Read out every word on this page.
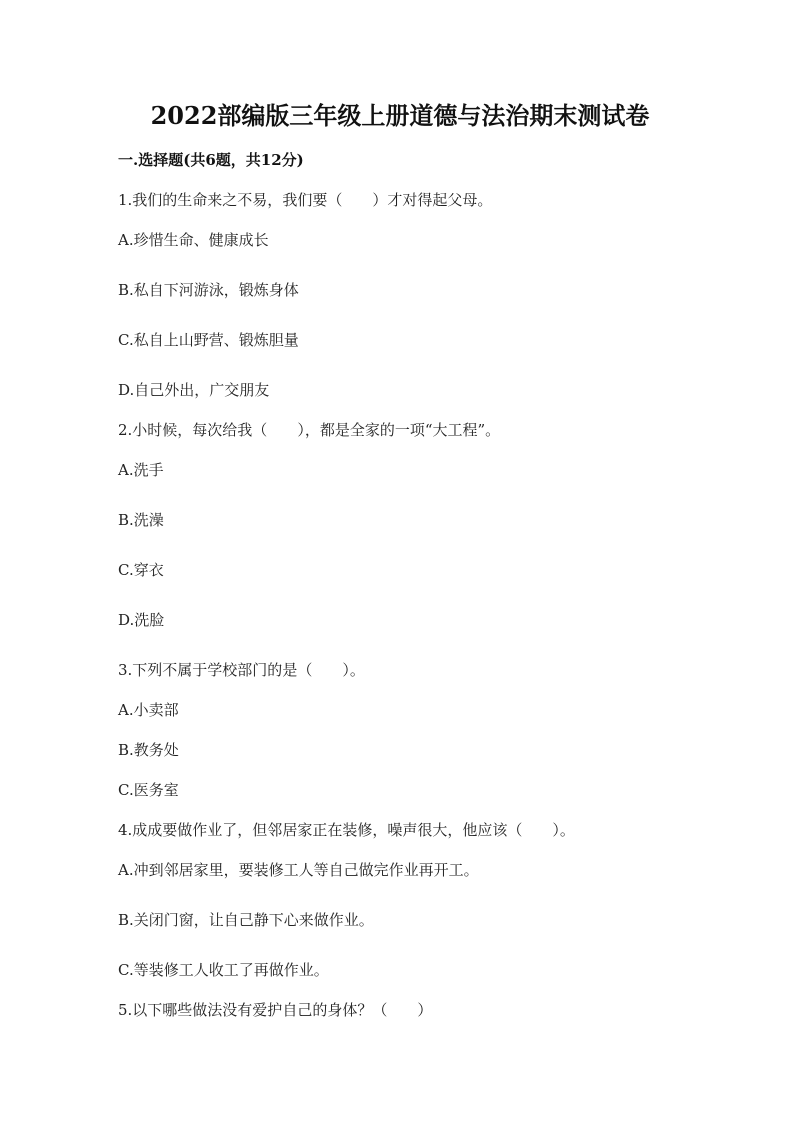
2022部编版三年级上册道德与法治期末测试卷
一.选择题(共6题，共12分)
1.我们的生命来之不易，我们要（　　）才对得起父母。
A.珍惜生命、健康成长
B.私自下河游泳，锻炼身体
C.私自上山野营、锻炼胆量
D.自己外出，广交朋友
2.小时候，每次给我（　　），都是全家的一项“大工程”。
A.洗手
B.洗澡
C.穿衣
D.洗脸
3.下列不属于学校部门的是（　　）。
A.小卖部
B.教务处
C.医务室
4.成成要做作业了，但邻居家正在装修，噪声很大，他应该（　　）。
A.冲到邻居家里，要装修工人等自己做完作业再开工。
B.关闭门窗，让自己静下心来做作业。
C.等装修工人收工了再做作业。
5.以下哪些做法没有爱护自己的身体？（　　）
